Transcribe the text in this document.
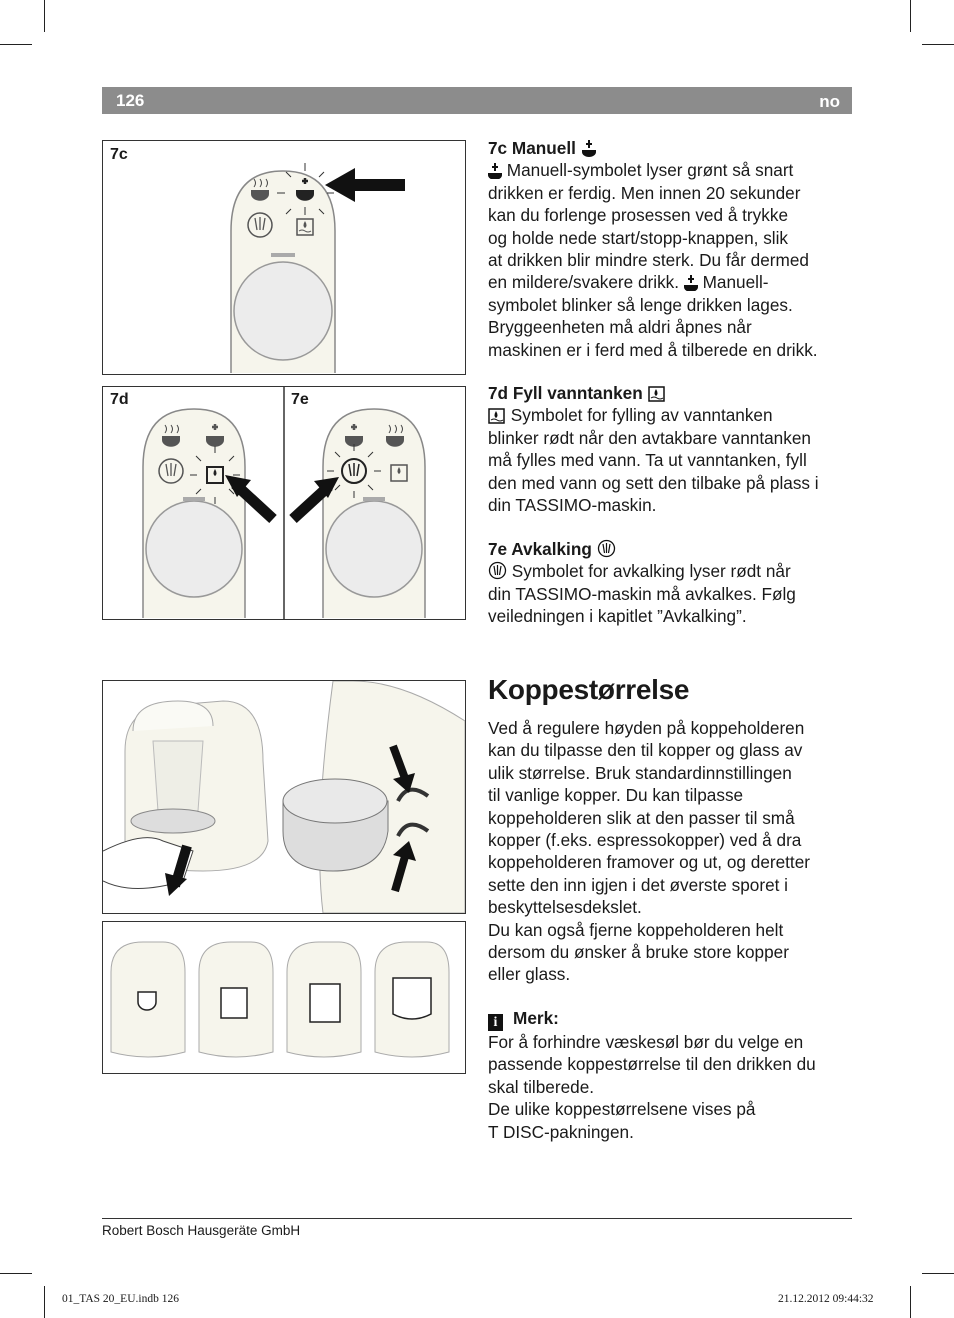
126	no
7c
7d	7e

7c Manuell

Manuell-symbolet lyser grønt så snart

drikken er ferdig. Men innen 20 sekunder

kan du forlenge prosessen ved å trykke

og holde nede start/stopp-knappen, slik

at drikken blir mindre sterk. Du får dermed

en mildere/svakere drikk.  Manuell-

symbolet blinker så lenge drikken lages.

Bryggeenheten må aldri åpnes når

maskinen er i ferd med å tilberede en drikk.

7d Fyll vanntanken

Symbolet for fylling av vanntanken

blinker rødt når den avtakbare vanntanken

må fylles med vann. Ta ut vanntanken, fyll

den med vann og sett den tilbake på plass i

din TASSIMO-maskin.

7e Avkalking

Symbolet for avkalking lyser rødt når

din TASSIMO-maskin må avkalkes. Følg

veiledningen i kapitlet ”Avkalking”.

Koppestørrelse

Ved å regulere høyden på koppeholderen

kan du tilpasse den til kopper og glass av

ulik størrelse. Bruk standardinnstillingen

til vanlige kopper. Du kan tilpasse

koppeholderen slik at den passer til små

kopper (f.eks. espressokopper) ved å dra

koppeholderen framover og ut, og deretter

sette den inn igjen i det øverste sporet i

beskyttelsesdekslet.

Du kan også fjerne koppeholderen helt

dersom du ønsker å bruke store kopper

eller glass.

i Merk:

For å forhindre væskesøl bør du velge en

passende koppestørrelse til den drikken du

skal tilberede.

De ulike koppestørrelsene vises på

T DISC-pakningen.

Robert Bosch Hausgeräte GmbH
01_TAS 20_EU.indb 126	21.12.2012 09:44:32
